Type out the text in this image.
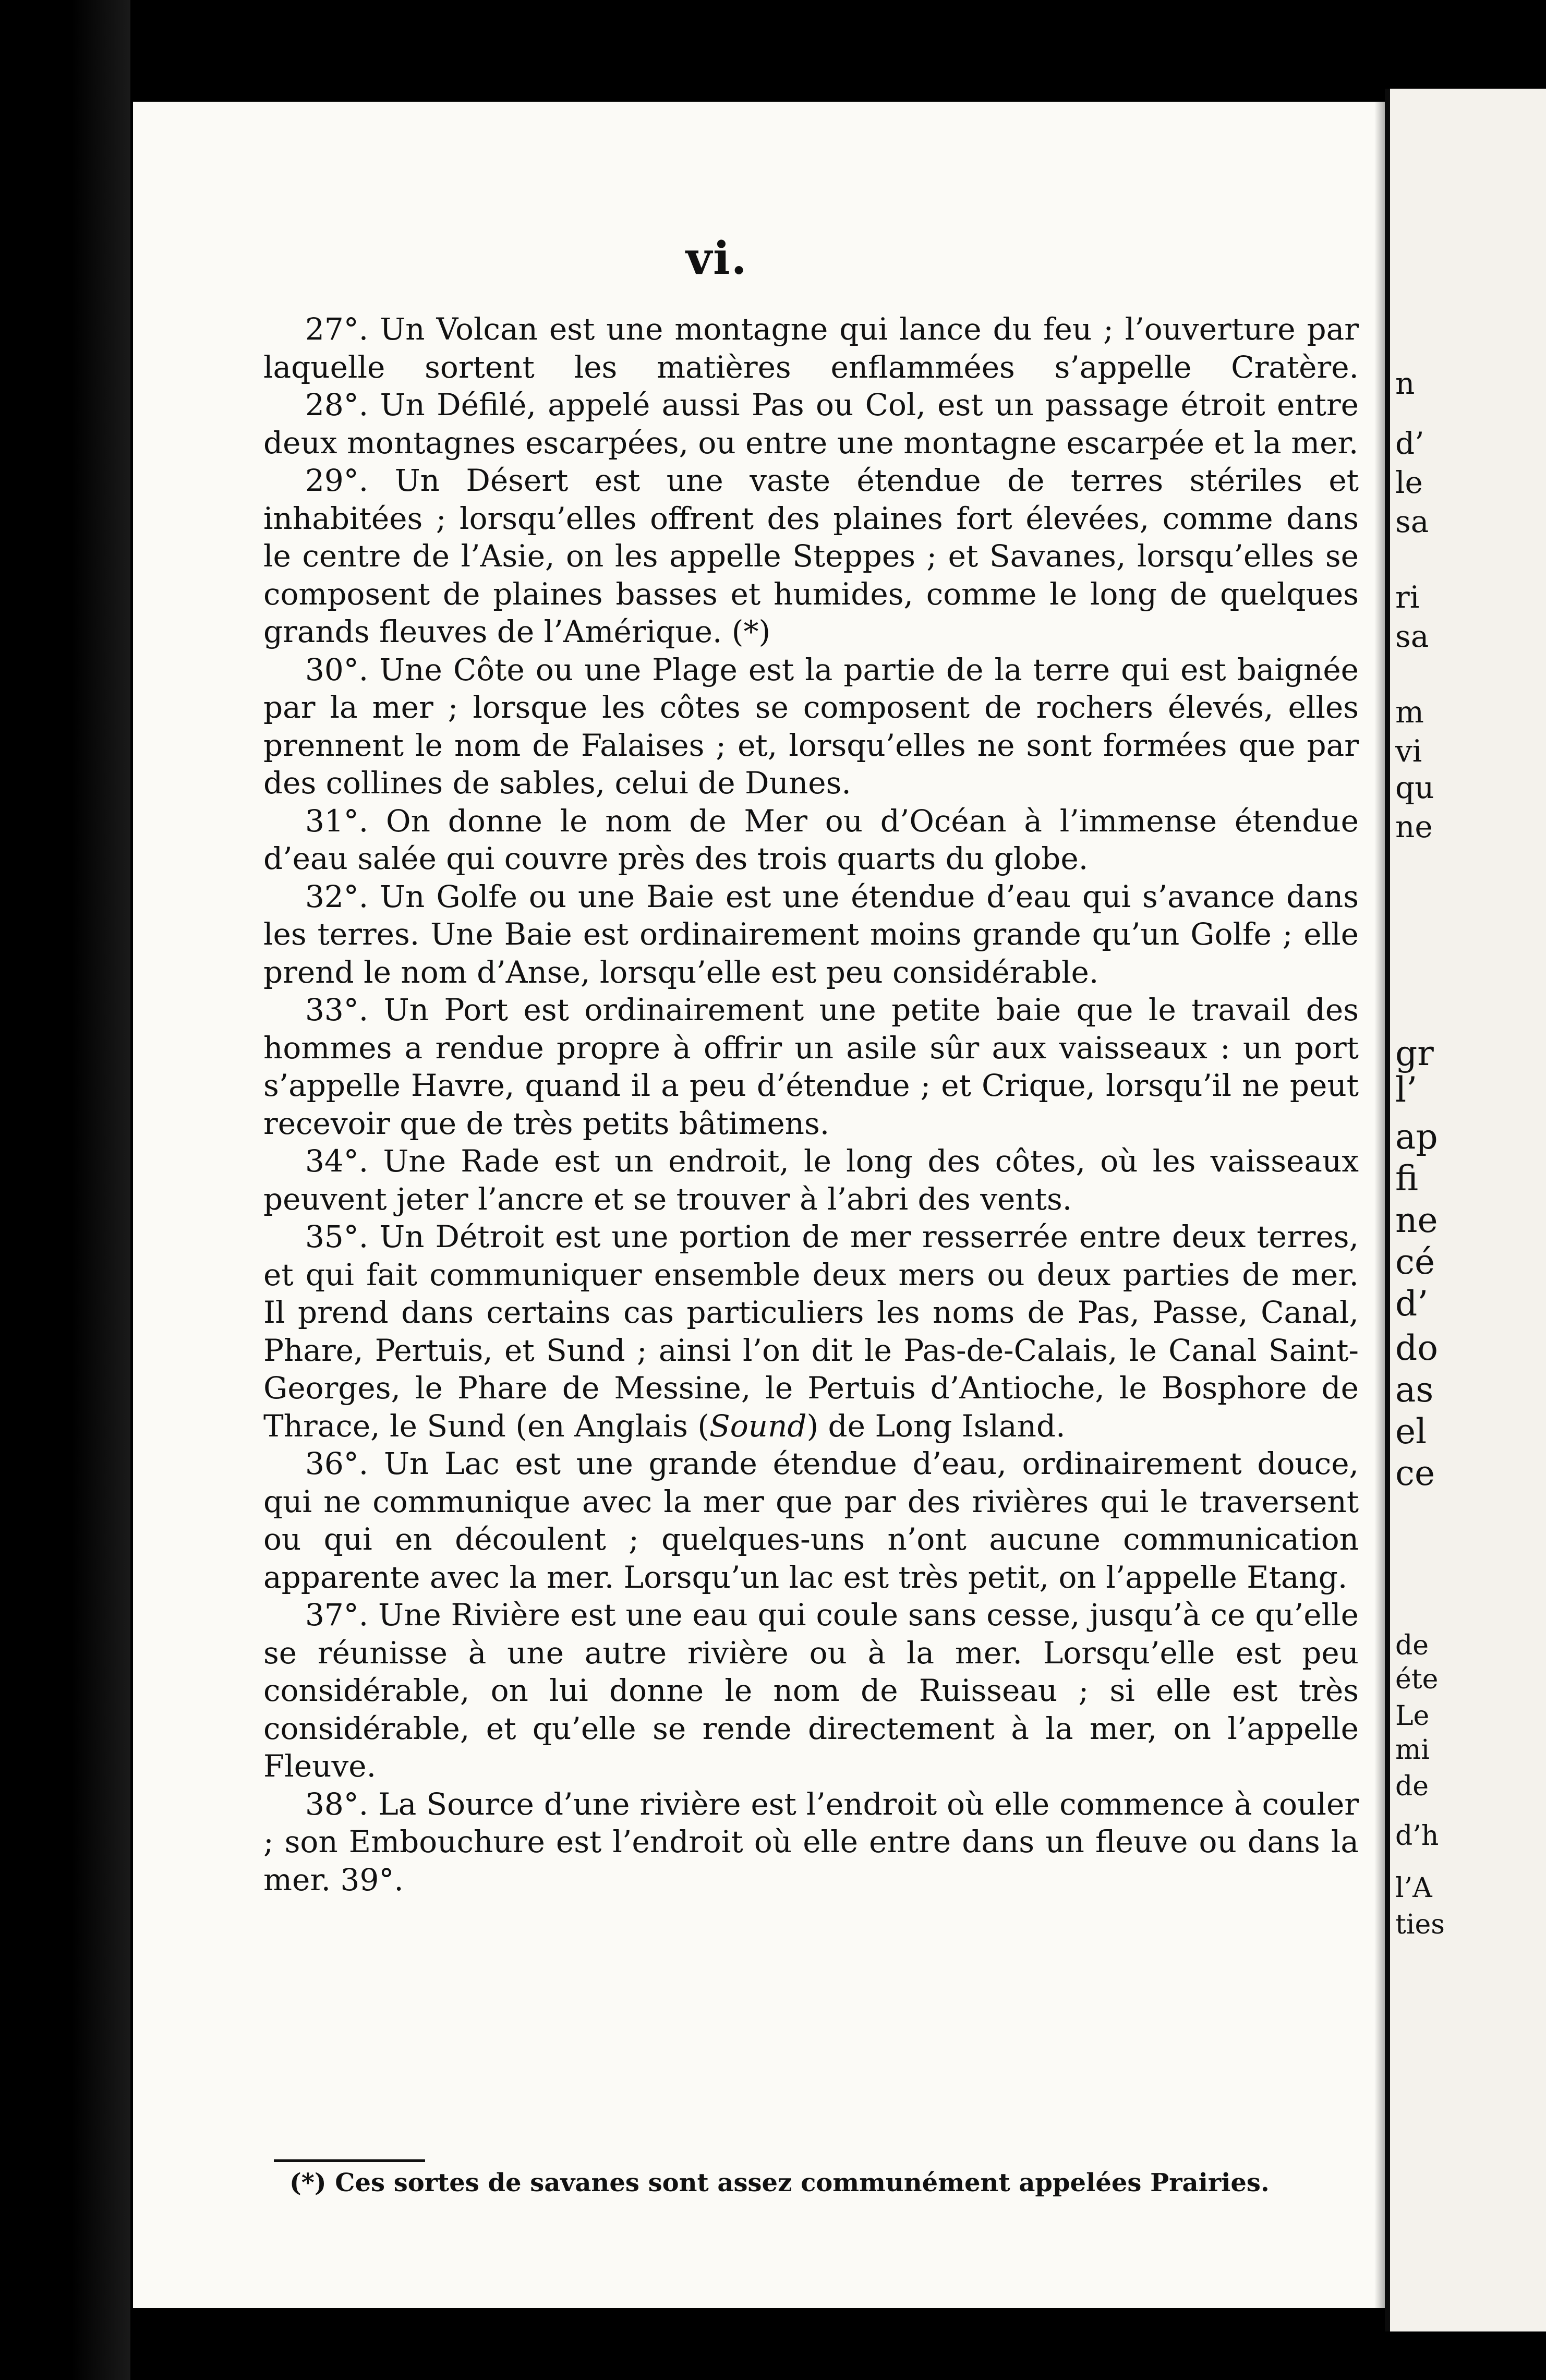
vi.

27°. Un Volcan est une montagne qui lance du feu ; l’ouverture par laquelle sortent les matières enflammées s’appelle Cratère.

28°. Un Défilé, appelé aussi Pas ou Col, est un passage étroit entre deux montagnes escarpées, ou entre une montagne escarpée et la mer.

29°. Un Désert est une vaste étendue de terres stériles et inhabitées ; lorsqu’elles offrent des plaines fort élevées, comme dans le centre de l’Asie, on les appelle Steppes ; et Savanes, lorsqu’elles se composent de plaines basses et humides, comme le long de quelques grands fleuves de l’Amérique. (*)

30°. Une Côte ou une Plage est la partie de la terre qui est baignée par la mer ; lorsque les côtes se composent de rochers élevés, elles prennent le nom de Falaises ; et, lorsqu’elles ne sont formées que par des collines de sables, celui de Dunes.

31°. On donne le nom de Mer ou d’Océan à l’immense étendue d’eau salée qui couvre près des trois quarts du globe.

32°. Un Golfe ou une Baie est une étendue d’eau qui s’avance dans les terres. Une Baie est ordinairement moins grande qu’un Golfe ; elle prend le nom d’Anse, lorsqu’elle est peu considérable.

33°. Un Port est ordinairement une petite baie que le travail des hommes a rendue propre à offrir un asile sûr aux vaisseaux : un port s’appelle Havre, quand il a peu d’étendue ; et Crique, lorsqu’il ne peut recevoir que de très petits bâtimens.

34°. Une Rade est un endroit, le long des côtes, où les vaisseaux peuvent jeter l’ancre et se trouver à l’abri des vents.

35°. Un Détroit est une portion de mer resserrée entre deux terres, et qui fait communiquer ensemble deux mers ou deux parties de mer. Il prend dans certains cas particuliers les noms de Pas, Passe, Canal, Phare, Pertuis, et Sund ; ainsi l’on dit le Pas-de-Calais, le Canal Saint-Georges, le Phare de Messine, le Pertuis d’Antioche, le Bosphore de Thrace, le Sund (en Anglais (Sound) de Long Island.

36°. Un Lac est une grande étendue d’eau, ordinairement douce, qui ne communique avec la mer que par des rivières qui le traversent ou qui en découlent ; quelques-uns n’ont aucune communication apparente avec la mer. Lorsqu’un lac est très petit, on l’appelle Etang.

37°. Une Rivière est une eau qui coule sans cesse, jusqu’à ce qu’elle se réunisse à une autre rivière ou à la mer. Lorsqu’elle est peu considérable, on lui donne le nom de Ruisseau ; si elle est très considérable, et qu’elle se rende directement à la mer, on l’appelle Fleuve.

38°. La Source d’une rivière est l’endroit où elle commence à couler ; son Embouchure est l’endroit où elle entre dans un fleuve ou dans la mer. 39°.

(*) Ces sortes de savanes sont assez communément appelées Prairies.
n
d’
le
sa
ri
sa
m
vi
qu
ne
gr
l’
ap
fi
ne
cé
d’
do
as
el
ce
de
éte
Le
mi
de
d’h
l’A
ties
